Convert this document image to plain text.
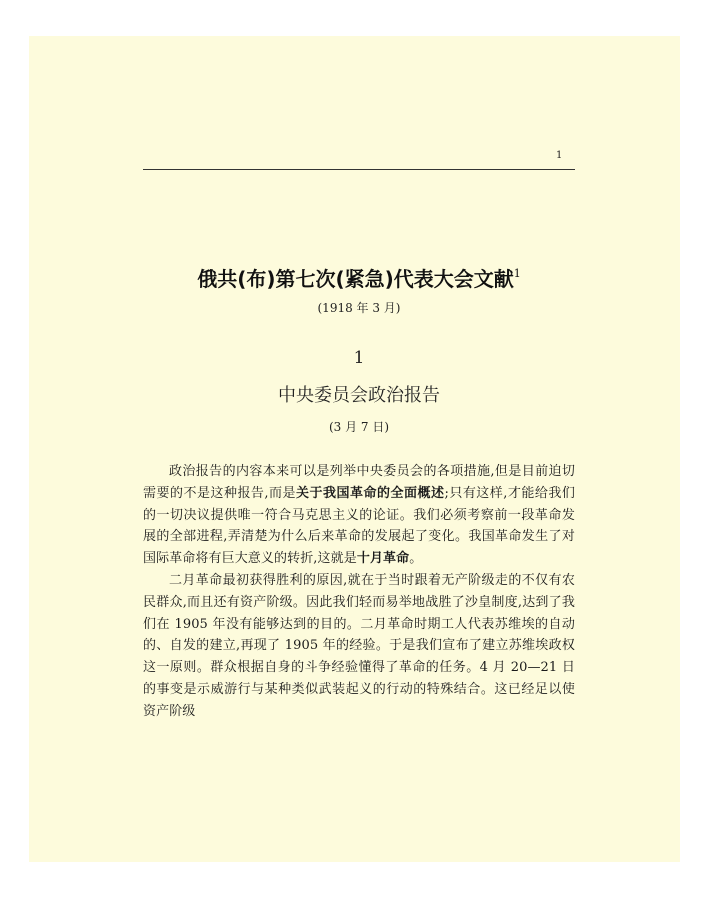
1
俄共(布)第七次(紧急)代表大会文献$^1$
(1918 年 3 月)
1
中央委员会政治报告
(3 月 7 日)

政治报告的内容本来可以是列举中央委员会的各项措施,但是目前迫切需要的不是这种报告,而是关于我国革命的全面概述;只有这样,才能给我们的一切决议提供唯一符合马克思主义的论证。我们必须考察前一段革命发展的全部进程,弄清楚为什么后来革命的发展起了变化。我国革命发生了对国际革命将有巨大意义的转折,这就是十月革命。

二月革命最初获得胜利的原因,就在于当时跟着无产阶级走的不仅有农民群众,而且还有资产阶级。因此我们轻而易举地战胜了沙皇制度,达到了我们在 1905 年没有能够达到的目的。二月革命时期工人代表苏维埃的自动的、自发的建立,再现了 1905 年的经验。于是我们宣布了建立苏维埃政权这一原则。群众根据自身的斗争经验懂得了革命的任务。4 月 20—21 日的事变是示威游行与某种类似武装起义的行动的特殊结合。这已经足以使资产阶级
